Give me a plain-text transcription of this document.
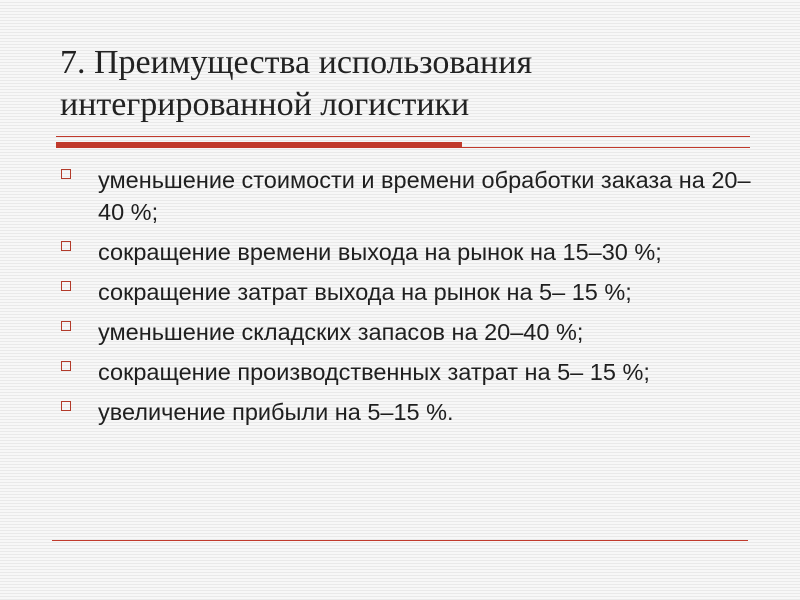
7. Преимущества использования
интегрированной логистики
уменьшение стоимости и времени обработки заказа на 20–40 %;
сокращение времени выхода на рынок на 15–30 %;
сокращение затрат выхода на рынок на 5– 15 %;
уменьшение складских запасов на 20–40 %;
сокращение производственных затрат на 5– 15 %;
увеличение прибыли на 5–15 %.
